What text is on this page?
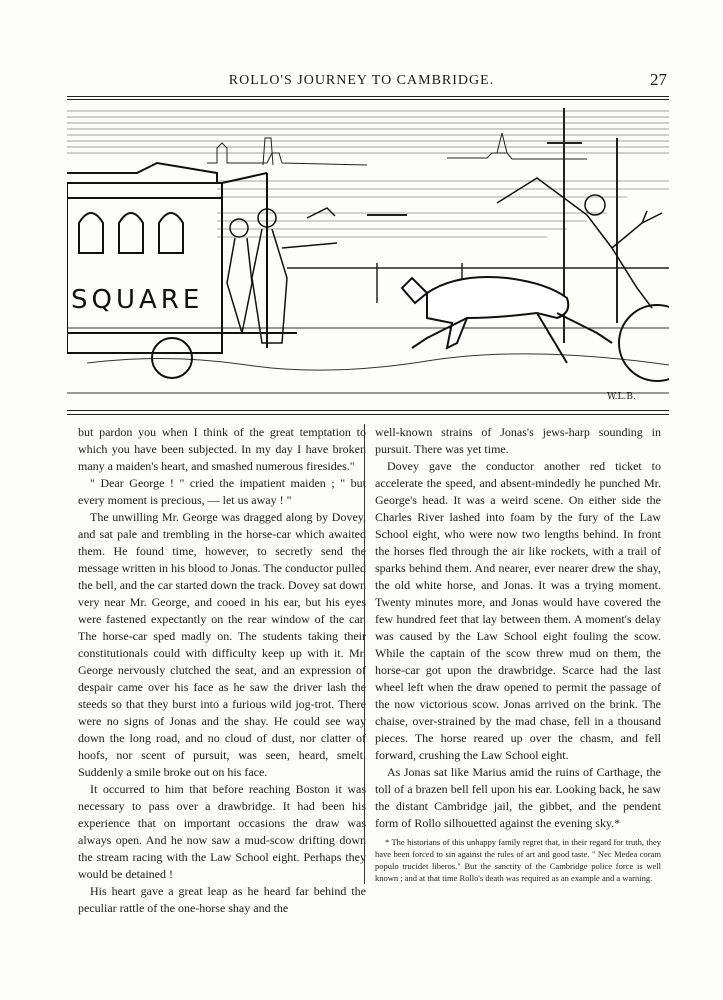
ROLLO'S JOURNEY TO CAMBRIDGE.	27
SQUARE
W.L.B.

but pardon you when I think of the great temptation to which you have been subjected. In my day I have broken many a maiden's heart, and smashed numerous firesides."

" Dear George ! " cried the impatient maiden ; " but every moment is precious, — let us away ! "

The unwilling Mr. George was dragged along by Dovey, and sat pale and trembling in the horse-car which awaited them. He found time, however, to secretly send the message written in his blood to Jonas. The conductor pulled the bell, and the car started down the track. Dovey sat down very near Mr. George, and cooed in his ear, but his eyes were fastened expectantly on the rear window of the car. The horse-car sped madly on. The students taking their constitutionals could with difficulty keep up with it. Mr. George nervously clutched the seat, and an expression of despair came over his face as he saw the driver lash the steeds so that they burst into a furious wild jog-trot. There were no signs of Jonas and the shay. He could see way down the long road, and no cloud of dust, nor clatter of hoofs, nor scent of pursuit, was seen, heard, smelt. Suddenly a smile broke out on his face.

It occurred to him that before reaching Boston it was necessary to pass over a drawbridge. It had been his experience that on important occasions the draw was always open. And he now saw a mud-scow drifting down the stream racing with the Law School eight. Perhaps they would be detained !

His heart gave a great leap as he heard far behind the peculiar rattle of the one-horse shay and the

well-known strains of Jonas's jews-harp sounding in pursuit. There was yet time.

Dovey gave the conductor another red ticket to accelerate the speed, and absent-mindedly he punched Mr. George's head. It was a weird scene. On either side the Charles River lashed into foam by the fury of the Law School eight, who were now two lengths behind. In front the horses fled through the air like rockets, with a trail of sparks behind them. And nearer, ever nearer drew the shay, the old white horse, and Jonas. It was a trying moment. Twenty minutes more, and Jonas would have covered the few hundred feet that lay between them. A moment's delay was caused by the Law School eight fouling the scow. While the captain of the scow threw mud on them, the horse-car got upon the drawbridge. Scarce had the last wheel left when the draw opened to permit the passage of the now victorious scow. Jonas arrived on the brink. The chaise, over-strained by the mad chase, fell in a thousand pieces. The horse reared up over the chasm, and fell forward, crushing the Law School eight.

As Jonas sat like Marius amid the ruins of Carthage, the toll of a brazen bell fell upon his ear. Looking back, he saw the distant Cambridge jail, the gibbet, and the pendent form of Rollo silhouetted against the evening sky.*

* The historians of this unhappy family regret that, in their regard for truth, they have been forced to sin against the rules of art and good taste. " Nec Medea coram populo trucidet liberos." But the sanctity of the Cambridge police force is well known ; and at that time Rollo's death was required as an example and a warning.
